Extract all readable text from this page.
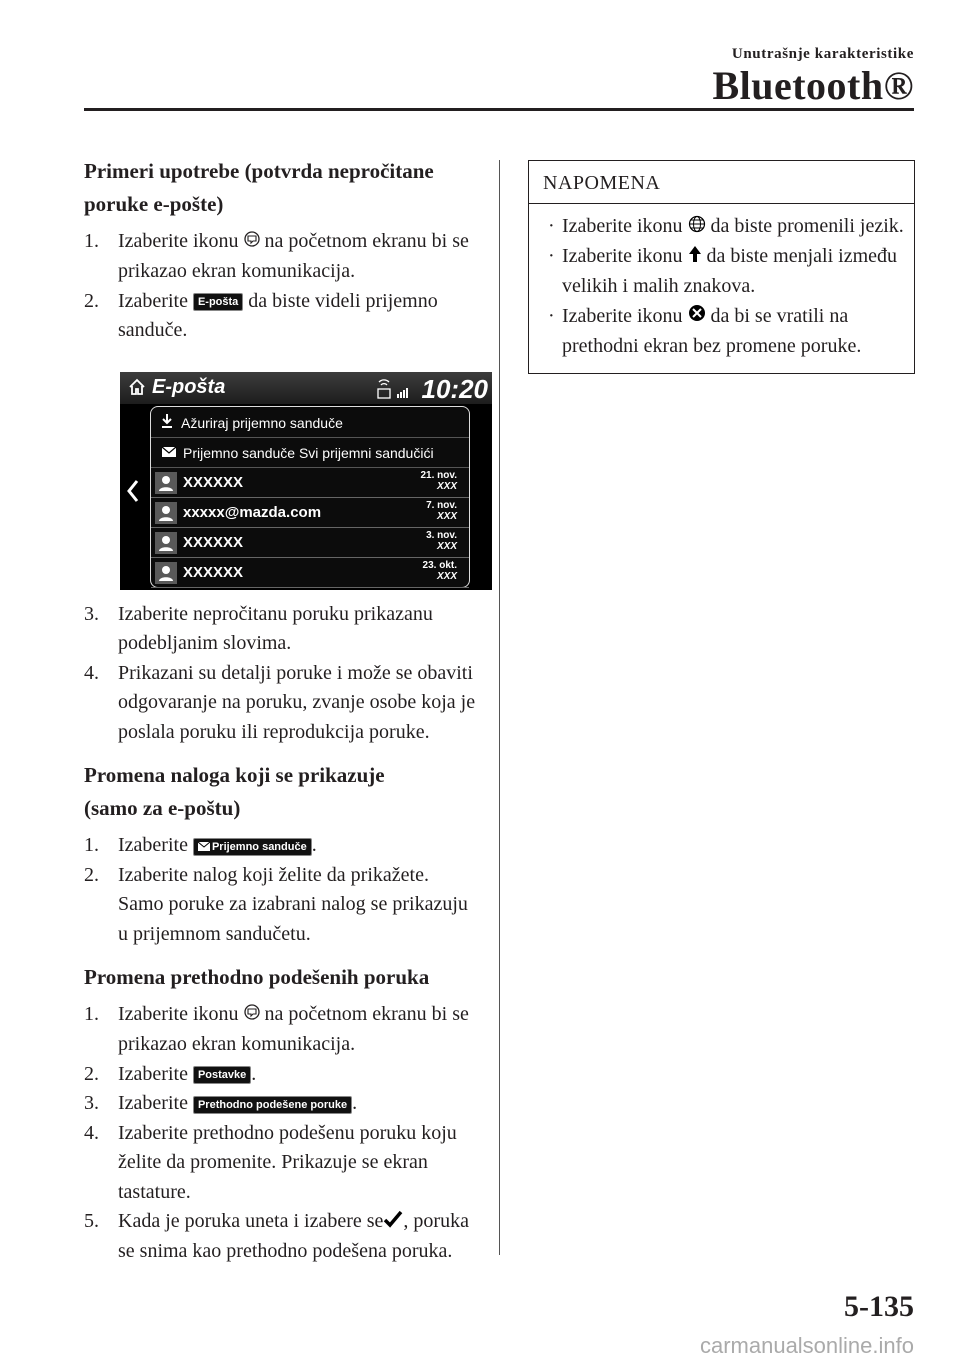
Unutrašnje karakteristike
Bluetooth®

Primeri upotrebe (potvrda nepročitane
poruke e-pošte)

1. Izaberite ikonu na početnom ekranu bi se prikazao ekran komunikacija.
2. Izaberite E-pošta da biste videli prijemno sanduče.
E-pošta	10:20
Ažuriraj prijemno sanduče
Prijemno sanduče Svi prijemni sandučići
XXXXXX	21. nov.
XXX
xxxxx@mazda.com	7. nov.
XXX
XXXXXX	3. nov.
XXX
XXXXXX	23. okt.
XXX
3. Izaberite nepročitanu poruku prikazanu podebljanim slovima.
4. Prikazani su detalji poruke i može se obaviti odgovaranje na poruku, zvanje osobe koja je poslala poruku ili reprodukcija poruke.

Promena naloga koji se prikazuje
(samo za e-poštu)

1. Izaberite Prijemno sanduče .
2. Izaberite nalog koji želite da prikažete. Samo poruke za izabrani nalog se prikazuju u prijemnom sandučetu.

Promena prethodno podešenih poruka

1. Izaberite ikonu na početnom ekranu bi se prikazao ekran komunikacija.
2. Izaberite Postavke .
3. Izaberite Prethodno podešene poruke .
4. Izaberite prethodno podešenu poruku koju želite da promenite. Prikazuje se ekran tastature.
5. Kada je poruka uneta i izabere se , poruka se snima kao prethodno podešena poruka.
NAPOMENA
· Izaberite ikonu da biste promenili jezik.
· Izaberite ikonu da biste menjali između velikih i malih znakova.
· Izaberite ikonu da bi se vratili na prethodni ekran bez promene poruke.
5-135
carmanualsonline.info
